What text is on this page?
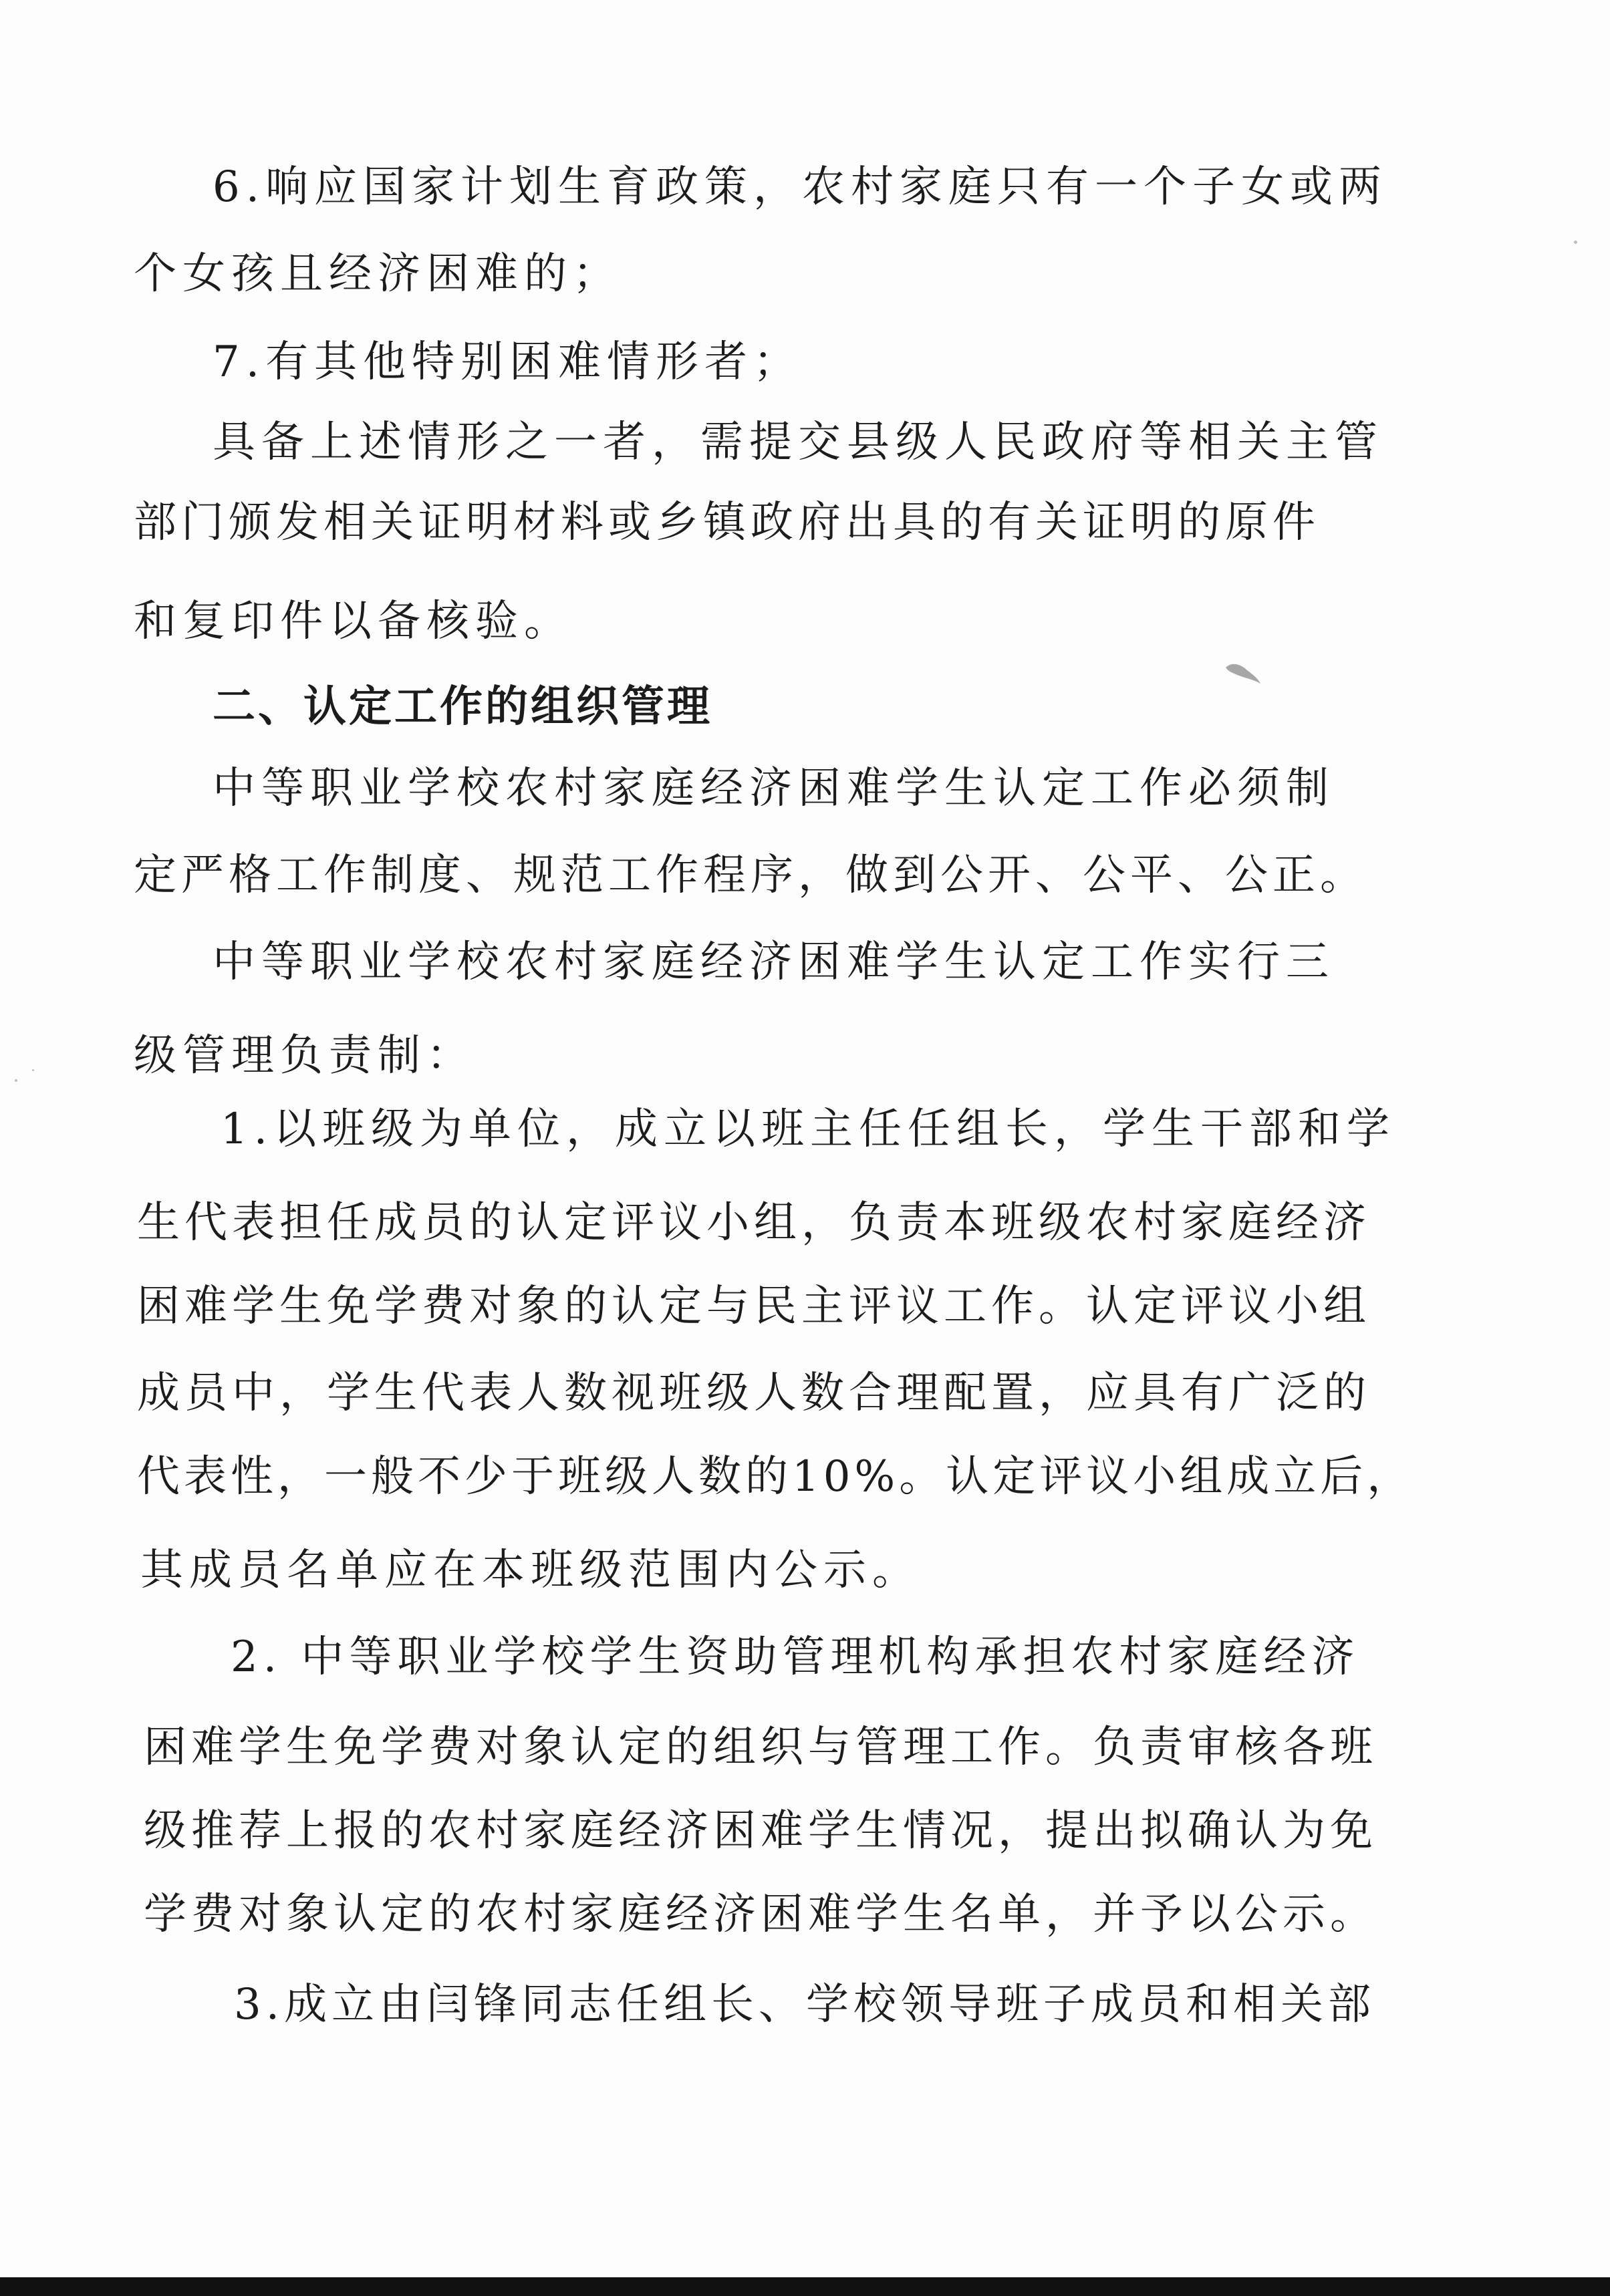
6.响应国家计划生育政策，农村家庭只有一个子女或两
个女孩且经济困难的；
7.有其他特别困难情形者；
具备上述情形之一者，需提交县级人民政府等相关主管
部门颁发相关证明材料或乡镇政府出具的有关证明的原件
和复印件以备核验。
二、认定工作的组织管理
中等职业学校农村家庭经济困难学生认定工作必须制
定严格工作制度、规范工作程序，做到公开、公平、公正。
中等职业学校农村家庭经济困难学生认定工作实行三
级管理负责制：
1.以班级为单位，成立以班主任任组长，学生干部和学
生代表担任成员的认定评议小组，负责本班级农村家庭经济
困难学生免学费对象的认定与民主评议工作。认定评议小组
成员中，学生代表人数视班级人数合理配置，应具有广泛的
代表性，一般不少于班级人数的10%。认定评议小组成立后，
其成员名单应在本班级范围内公示。
2. 中等职业学校学生资助管理机构承担农村家庭经济
困难学生免学费对象认定的组织与管理工作。负责审核各班
级推荐上报的农村家庭经济困难学生情况，提出拟确认为免
学费对象认定的农村家庭经济困难学生名单，并予以公示。
3.成立由闫锋同志任组长、学校领导班子成员和相关部
